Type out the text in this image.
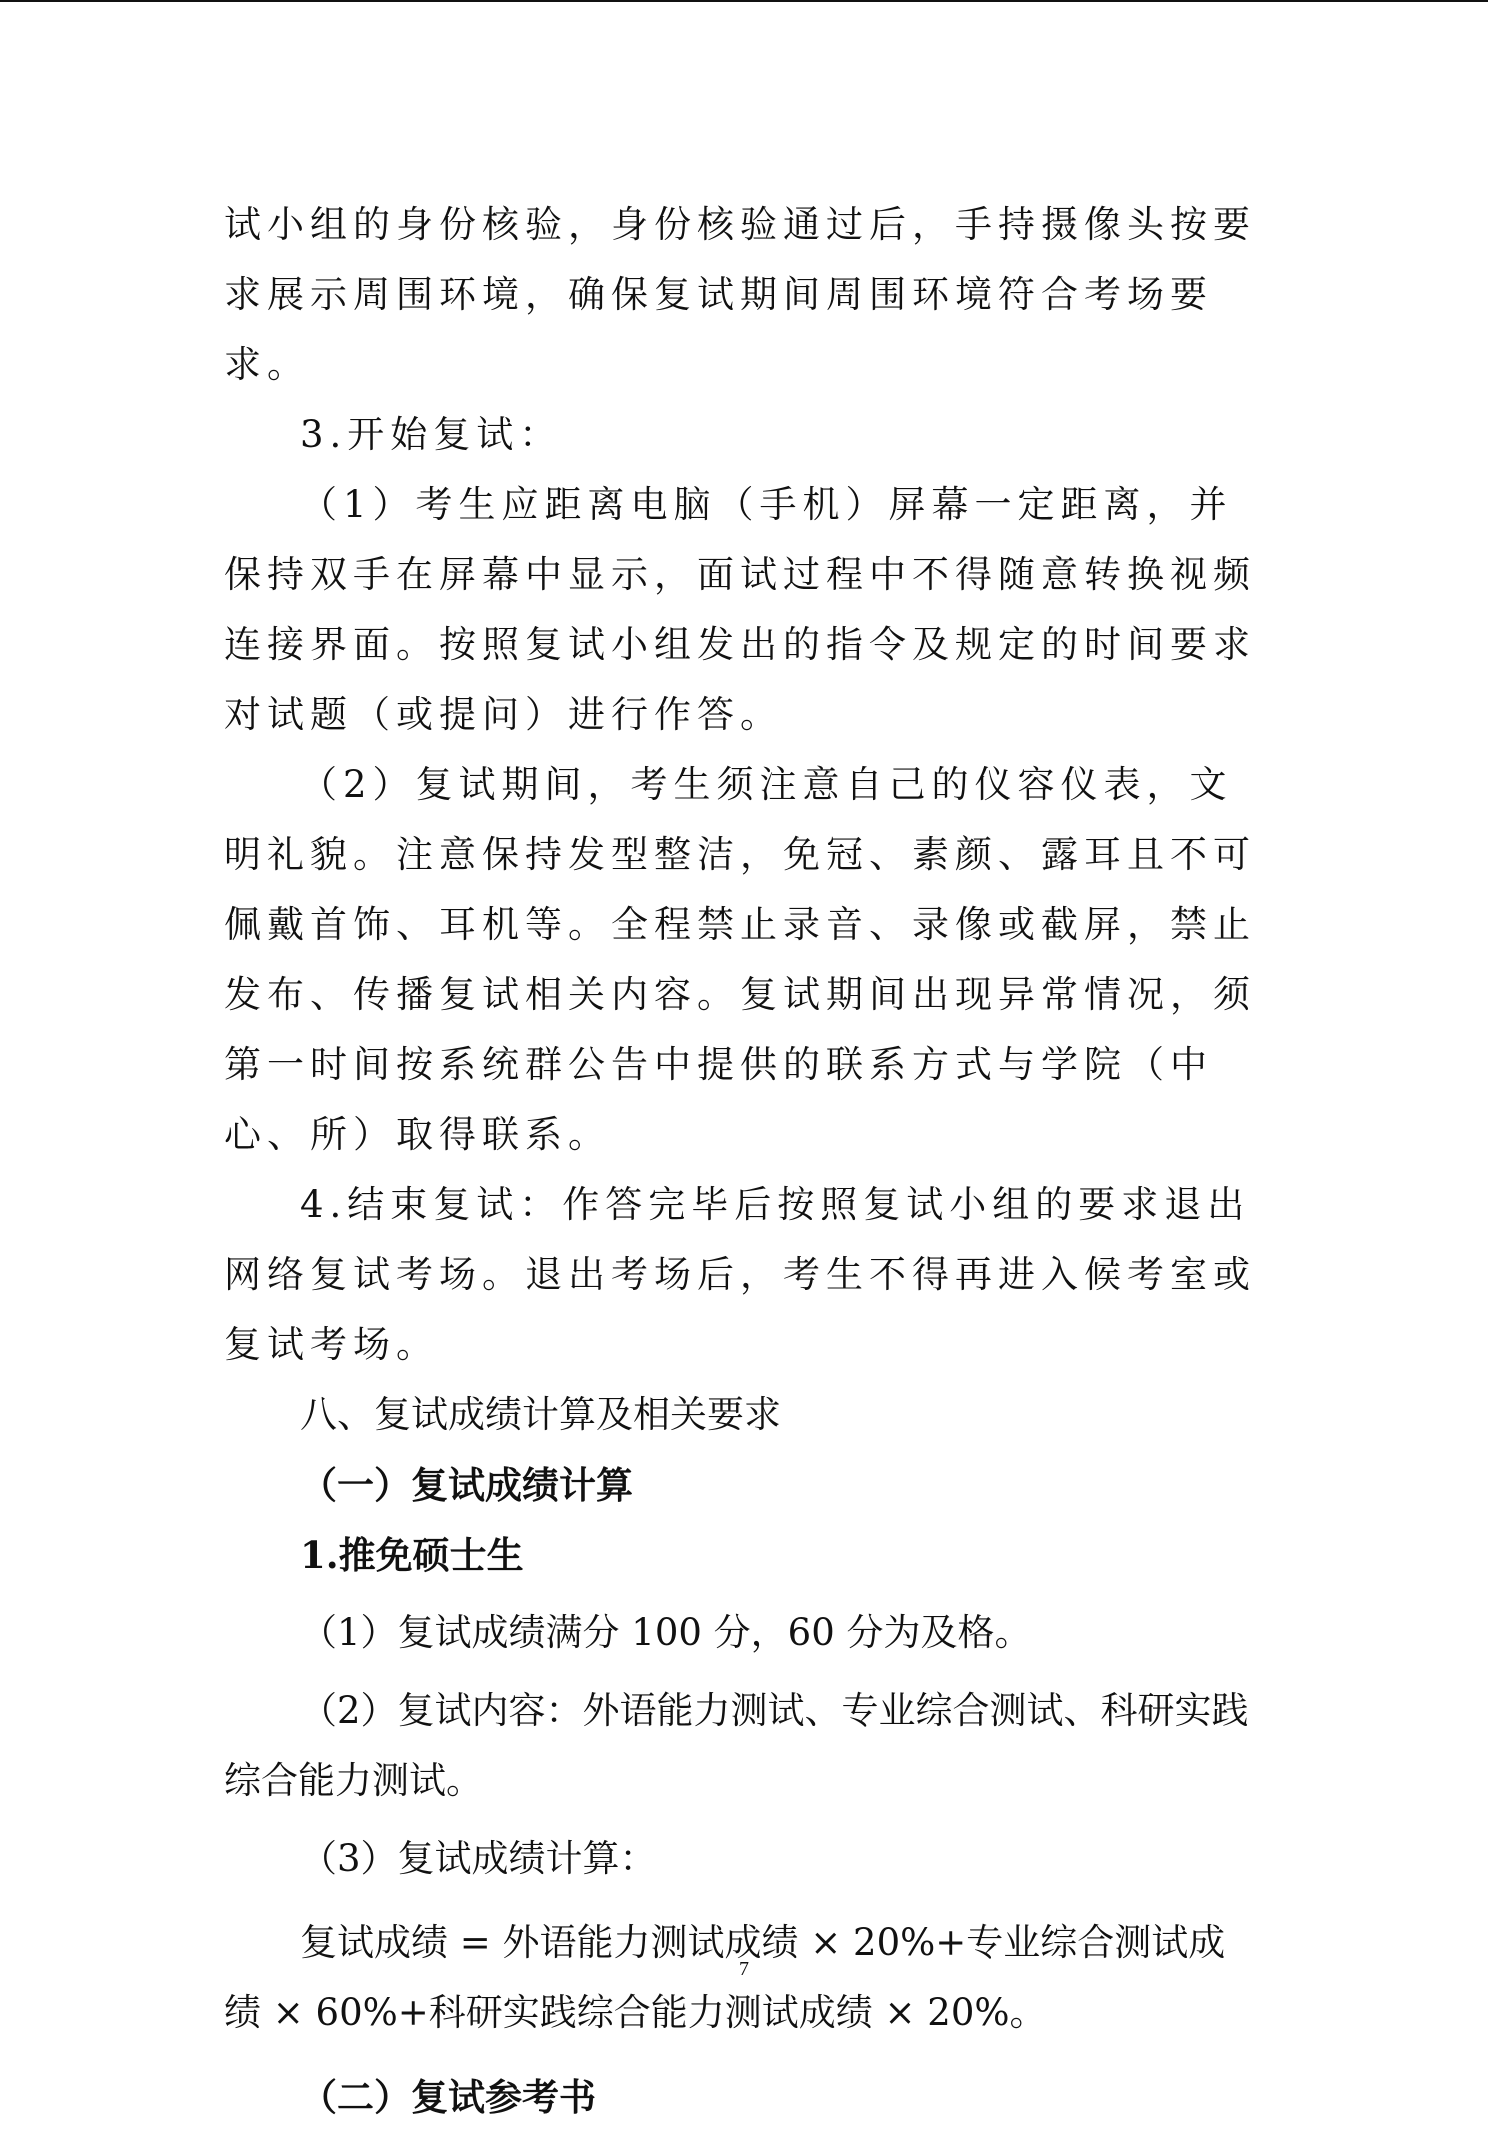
试小组的身份核验，身份核验通过后，手持摄像头按要求展示周围环境，确保复试期间周围环境符合考场要求。

3.开始复试：

（1）考生应距离电脑（手机）屏幕一定距离，并保持双手在屏幕中显示，面试过程中不得随意转换视频连接界面。按照复试小组发出的指令及规定的时间要求对试题（或提问）进行作答。

（2）复试期间，考生须注意自己的仪容仪表，文明礼貌。注意保持发型整洁，免冠、素颜、露耳且不可佩戴首饰、耳机等。全程禁止录音、录像或截屏，禁止发布、传播复试相关内容。复试期间出现异常情况，须第一时间按系统群公告中提供的联系方式与学院（中心、所）取得联系。

4.结束复试：作答完毕后按照复试小组的要求退出网络复试考场。退出考场后，考生不得再进入候考室或复试考场。

八、复试成绩计算及相关要求

（一）复试成绩计算

1.推免硕士生

（1）复试成绩满分 100 分，60 分为及格。

（2）复试内容：外语能力测试、专业综合测试、科研实践综合能力测试。

（3）复试成绩计算：

复试成绩 = 外语能力测试成绩 × 20%+专业综合测试成绩 × 60%+科研实践综合能力测试成绩 × 20%。

（二）复试参考书

7
